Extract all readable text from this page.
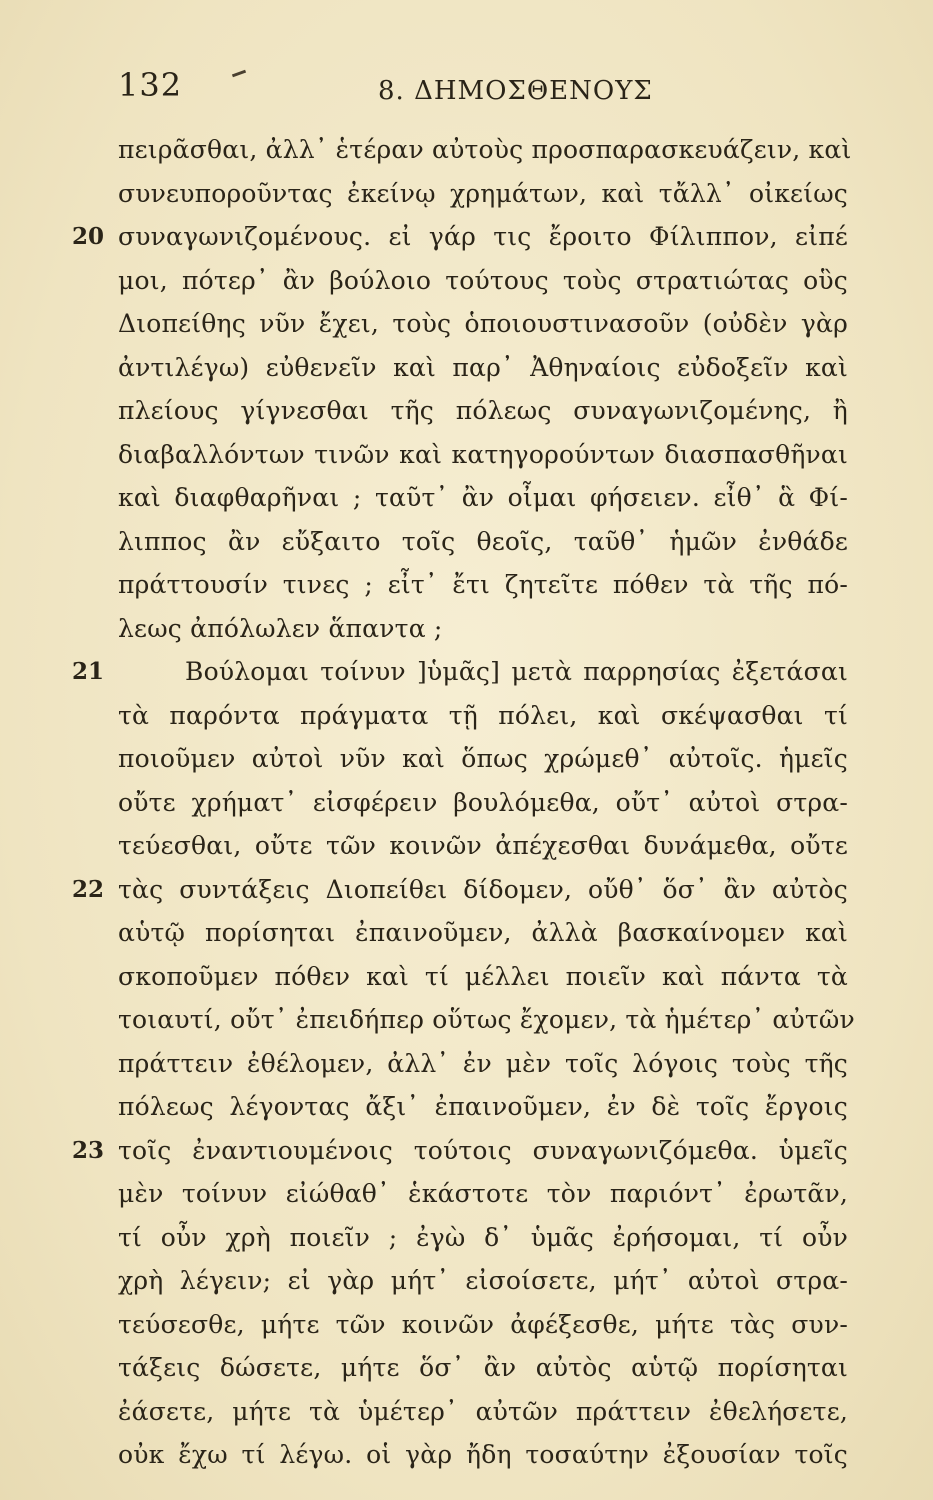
132	8. ΔΗΜΟΣΘΕΝΟΥΣ
πειρᾶσθαι, ἀλλ᾽ ἑτέραν αὐτοὺς προσπαρασκευάζειν, καὶ
συνευποροῦντας ἐκείνῳ χρημάτων, καὶ τἄλλ᾽ οἰκείως
20 συναγωνιζομένους. εἰ γάρ τις ἔροιτο Φίλιππον, εἰπέ
μοι, πότερ᾽ ἂν βούλοιο τούτους τοὺς στρατιώτας οὓς
Διοπείθης νῦν ἔχει, τοὺς ὁποιουστινασοῦν (οὐδὲν γὰρ
ἀντιλέγω) εὐθενεῖν καὶ παρ᾽ Ἀθηναίοις εὐδοξεῖν καὶ
πλείους γίγνεσθαι τῆς πόλεως συναγωνιζομένης, ἢ
διαβαλλόντων τινῶν καὶ κατηγορούντων διασπασθῆναι
καὶ διαφθαρῆναι ; ταῦτ᾽ ἂν οἶμαι φήσειεν. εἶθ᾽ ἃ Φί-
λιππος ἂν εὔξαιτο τοῖς θεοῖς, ταῦθ᾽ ἡμῶν ἐνθάδε
πράττουσίν τινες ; εἶτ᾽ ἔτι ζητεῖτε πόθεν τὰ τῆς πό-
λεως ἀπόλωλεν ἅπαντα ;
21	Βούλομαι τοίνυν ]ὑμᾶς] μετὰ παρρησίας ἐξετάσαι
τὰ παρόντα πράγματα τῇ πόλει, καὶ σκέψασθαι τί
ποιοῦμεν αὐτοὶ νῦν καὶ ὅπως χρώμεθ᾽ αὐτοῖς. ἡμεῖς
οὔτε χρήματ᾽ εἰσφέρειν βουλόμεθα, οὔτ᾽ αὐτοὶ στρα-
τεύεσθαι, οὔτε τῶν κοινῶν ἀπέχεσθαι δυνάμεθα, οὔτε
22 τὰς συντάξεις Διοπείθει δίδομεν, οὔθ᾽ ὅσ᾽ ἂν αὐτὸς
αὑτῷ πορίσηται ἐπαινοῦμεν, ἀλλὰ βασκαίνομεν καὶ
σκοποῦμεν πόθεν καὶ τί μέλλει ποιεῖν καὶ πάντα τὰ
τοιαυτί, οὔτ᾽ ἐπειδήπερ οὕτως ἔχομεν, τὰ ἡμέτερ᾽ αὐτῶν
πράττειν ἐθέλομεν, ἀλλ᾽ ἐν μὲν τοῖς λόγοις τοὺς τῆς
πόλεως λέγοντας ἄξι᾽ ἐπαινοῦμεν, ἐν δὲ τοῖς ἔργοις
23 τοῖς ἐναντιουμένοις τούτοις συναγωνιζόμεθα. ὑμεῖς
μὲν τοίνυν εἰώθαθ᾽ ἑκάστοτε τὸν παριόντ᾽ ἐρωτᾶν,
τί οὖν χρὴ ποιεῖν ; ἐγὼ δ᾽ ὑμᾶς ἐρήσομαι, τί οὖν
χρὴ λέγειν; εἰ γὰρ μήτ᾽ εἰσοίσετε, μήτ᾽ αὐτοὶ στρα-
τεύσεσθε, μήτε τῶν κοινῶν ἀφέξεσθε, μήτε τὰς συν-
τάξεις δώσετε, μήτε ὅσ᾽ ἂν αὐτὸς αὑτῷ πορίσηται
ἐάσετε, μήτε τὰ ὑμέτερ᾽ αὐτῶν πράττειν ἐθελήσετε,
οὐκ ἔχω τί λέγω. οἱ γὰρ ἤδη τοσαύτην ἐξουσίαν τοῖς
